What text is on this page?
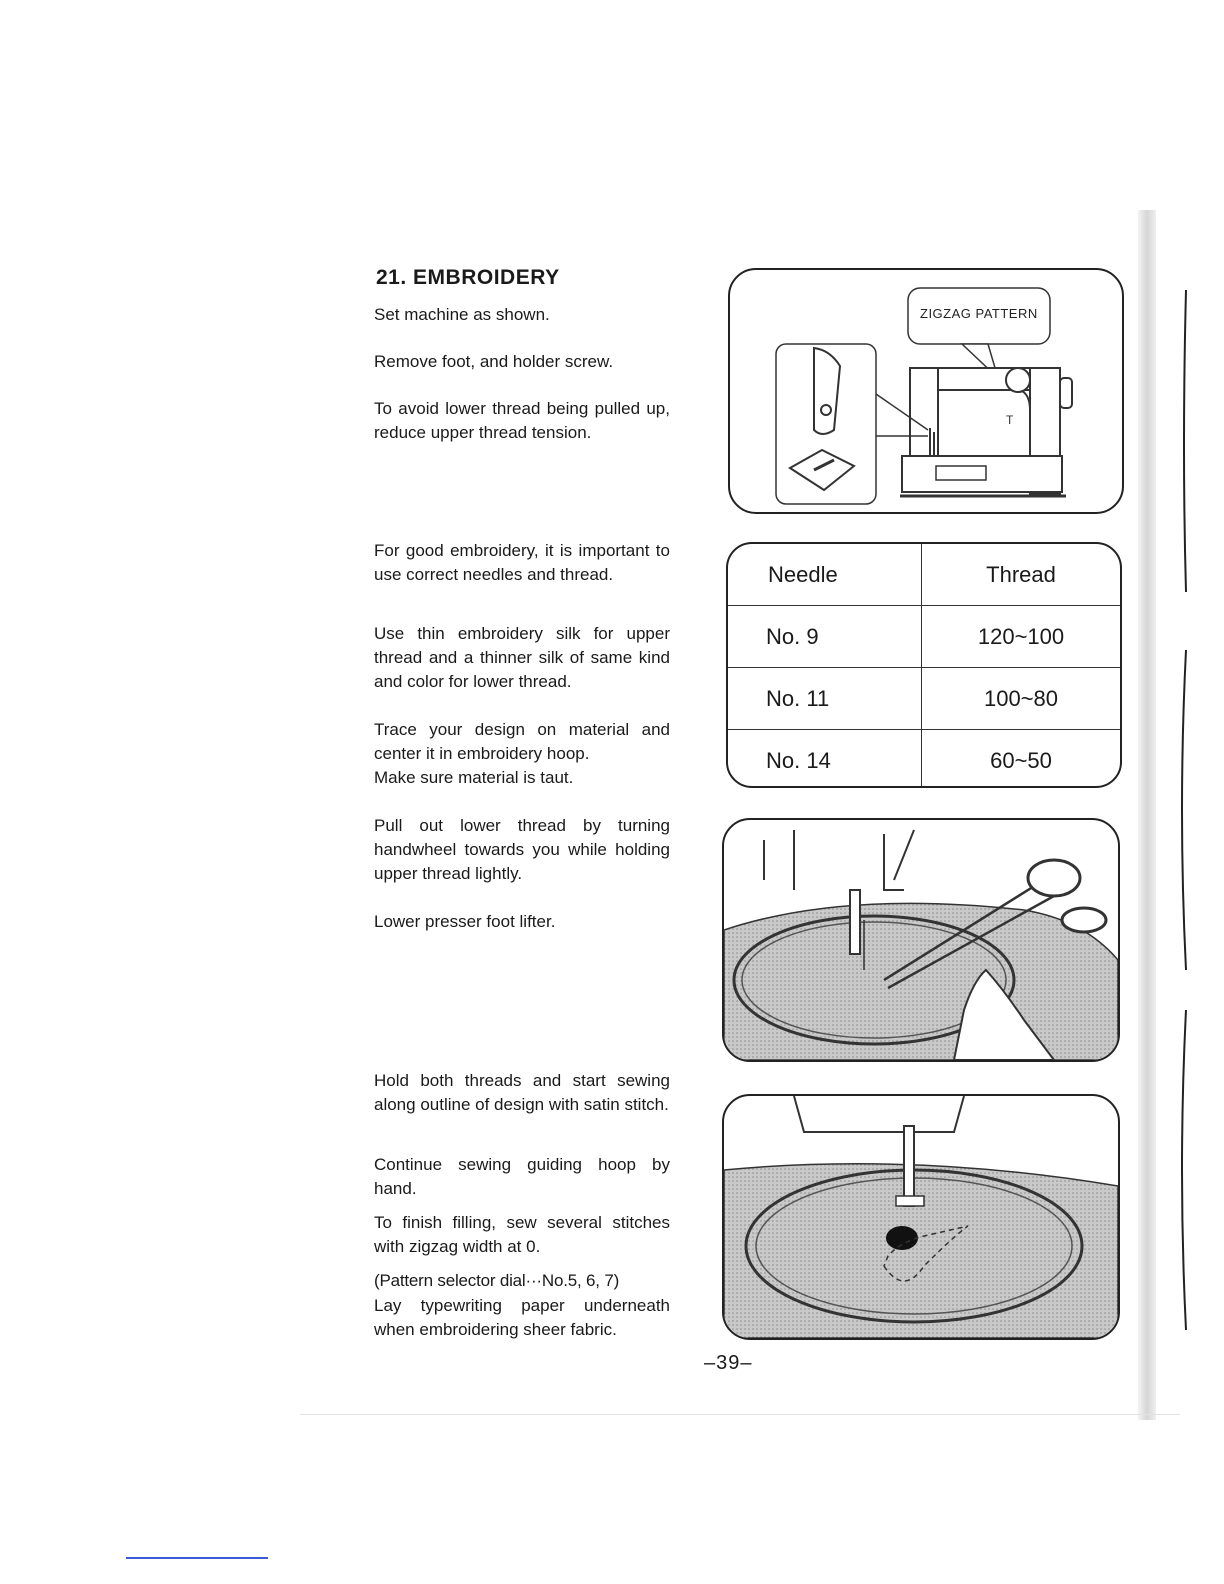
21. EMBROIDERY
Set machine as shown.
Remove foot, and holder screw.
To avoid lower thread being pulled up, reduce upper thread tension.
For good embroidery, it is important to use correct needles and thread.
Use thin embroidery silk for upper thread and a thinner silk of same kind and color for lower thread.
Trace your design on material and center it in embroidery hoop.
Make sure material is taut.
Pull out lower thread by turning handwheel towards you while holding upper thread lightly.
Lower presser foot lifter.
Hold both threads and start sewing along outline of design with satin stitch.
Continue sewing guiding hoop by hand.
To finish filling, sew several stitches with zigzag width at 0.
(Pattern selector dial···No.5, 6, 7)
Lay typewriting paper underneath when embroidering sheer fabric.
T
ZIGZAG PATTERN
Needle	Thread
No. 9	120~100
No. 11	100~80
No. 14	60~50
–39–
